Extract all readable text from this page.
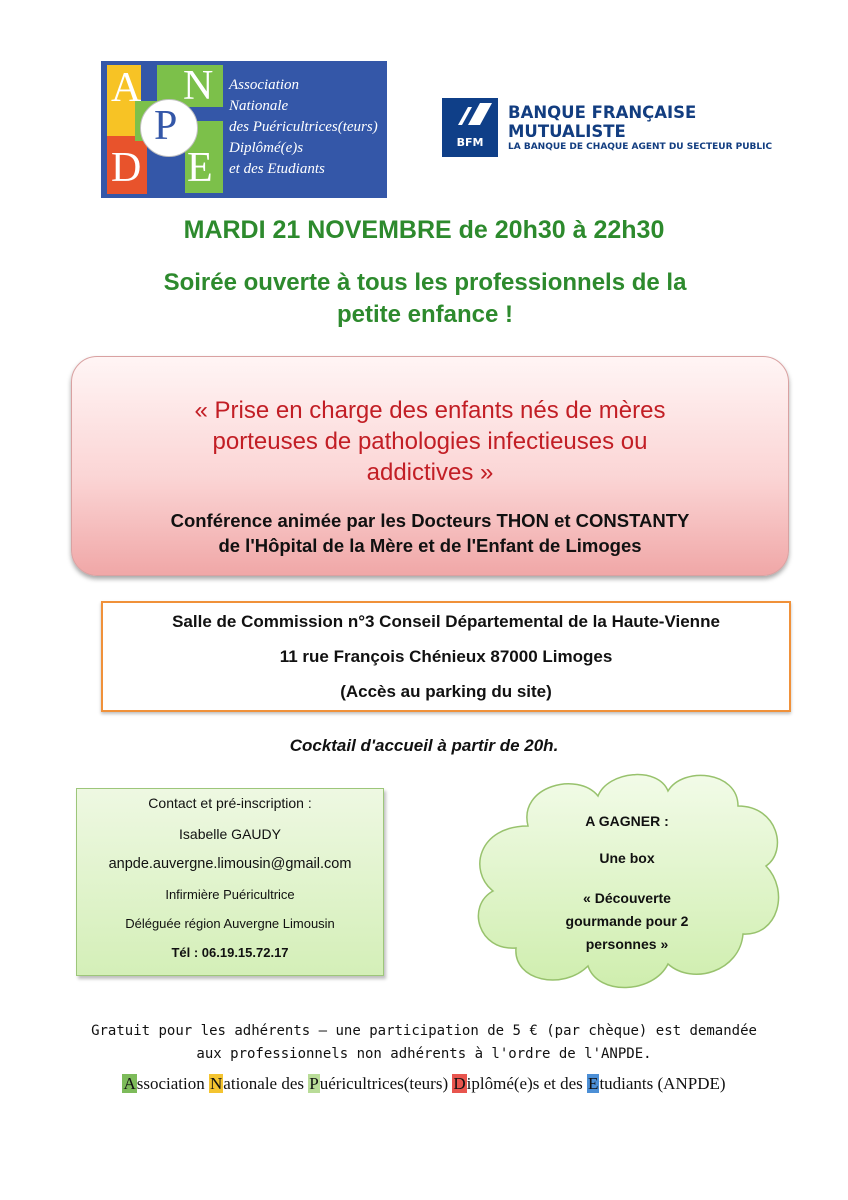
A N
P
D E
Association
Nationale
des Puéricultrices(teurs)
Diplômé(e)s
et des Etudiants
BFM
BANQUE FRANÇAISE
MUTUALISTE
LA BANQUE DE CHAQUE AGENT DU SECTEUR PUBLIC
MARDI 21 NOVEMBRE de 20h30 à 22h30
Soirée ouverte à tous les professionnels de la
petite enfance !
« Prise en charge des enfants nés de mères
porteuses de pathologies infectieuses ou
addictives »
Conférence animée par les Docteurs THON et CONSTANTY
de l'Hôpital de la Mère et de l'Enfant de Limoges
Salle de Commission n°3 Conseil Départemental de la Haute-Vienne
11 rue François Chénieux 87000 Limoges
(Accès au parking du site)
Cocktail d'accueil à partir de 20h.
Contact et pré-inscription :
Isabelle GAUDY
anpde.auvergne.limousin@gmail.com
Infirmière Puéricultrice
Déléguée région Auvergne Limousin
Tél : 06.19.15.72.17
A GAGNER :
Une box
« Découverte
gourmande pour 2
personnes »
Gratuit pour les adhérents – une participation de 5 € (par chèque) est demandée
aux professionnels non adhérents à l'ordre de l'ANPDE.
Association Nationale des Puéricultrices(teurs) Diplômé(e)s et des Etudiants (ANPDE)
